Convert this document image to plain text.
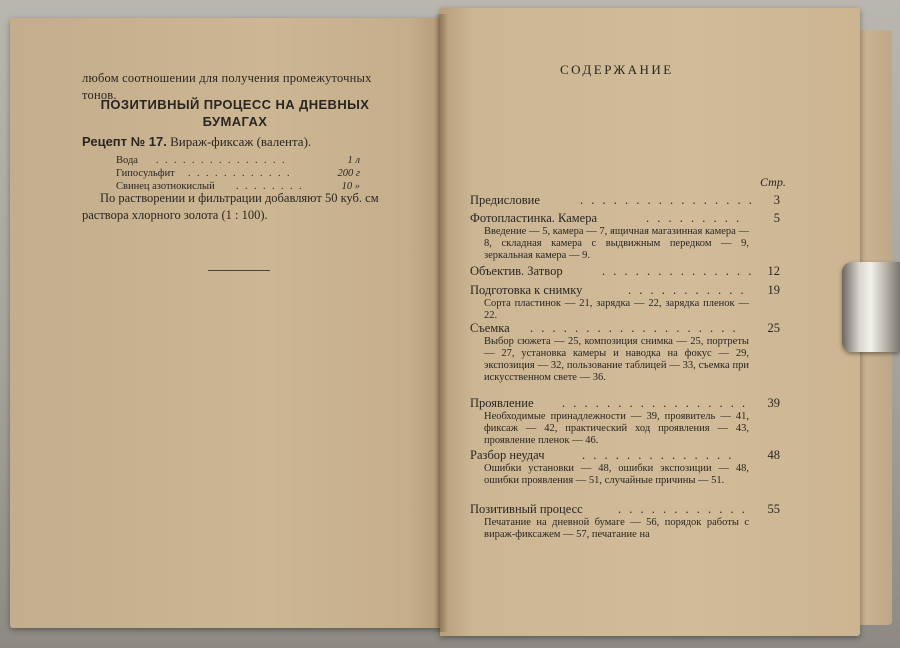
любом соотношении для получения промежуточных тонов.
ПОЗИТИВНЫЙ ПРОЦЕСС НА ДНЕВНЫХ БУМАГАХ
Рецепт № 17. Вираж-фиксаж (валента).
Вода . . . . . . . . . . . . . . .	1 л
Гипосульфит . . . . . . . . . . . .	200 г
Свинец азотнокислый . . . . . . . .	10 »
По растворении и фильтрации добавляют 50 куб. см раствора хлорного золота (1 : 100).
СОДЕРЖАНИЕ
Стр.
Предисловие	. . . . . . . . . . . . . . . .	3
Фотопластинка. Камера	. . . . . . . . .	5
Введение — 5, камера — 7, ящичная магазинная камера — 8, складная камера с выдвижным передком — 9, зеркальная камера — 9.
Объектив. Затвор	. . . . . . . . . . . . . .	12
Подготовка к снимку	. . . . . . . . . . .	19
Сорта пластинок — 21, зарядка — 22, зарядка пленок — 22.
Съемка . . . . . . . . . . . . . . . . . . .	25
Выбор сюжета — 25, композиция снимка — 25, портреты — 27, установка камеры и наводка на фокус — 29, экспозиция — 32, пользование таблицей — 33, съемка при искусственном свете — 36.
Проявление . . . . . . . . . . . . . . . . .	39
Необходимые принадлежности — 39, проявитель — 41, фиксаж — 42, практический ход проявления — 43, проявление пленок — 46.
Разбор неудач	. . . . . . . . . . . . . .	48
Ошибки установки — 48, ошибки экспозиции — 48, ошибки проявления — 51, случайные причины — 51.
Позитивный процесс	. . . . . . . . . . . .	55
Печатание на дневной бумаге — 56, порядок работы с вираж-фиксажем — 57, печатание на
